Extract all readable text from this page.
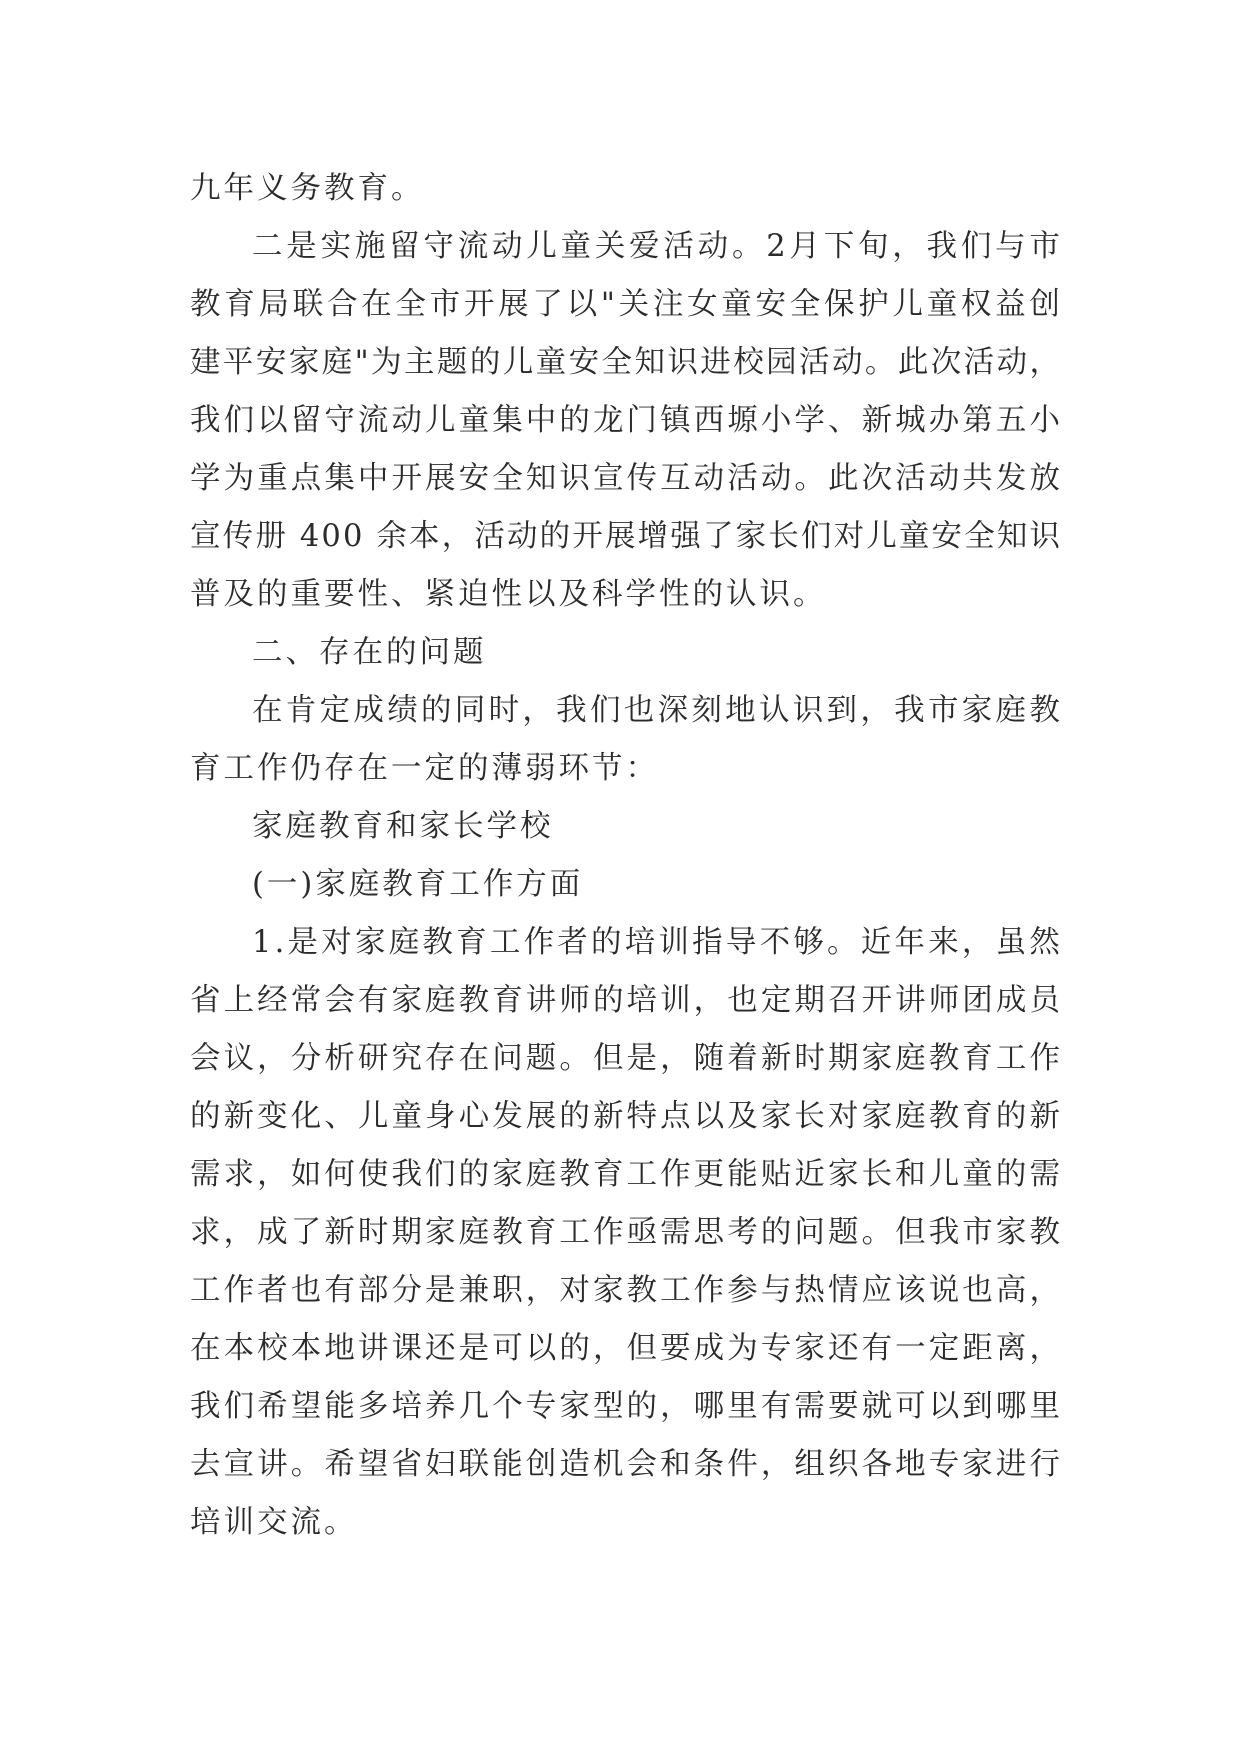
九年义务教育。

二 是 实 施 留 守 流 动 儿 童 关 爱 活 动 。 2 月 下 旬 ， 我 们 与 市

教 育 局 联 合 在 全 市 开 展 了 以 " 关 注 女 童 安 全 保 护 儿 童 权 益 创

建 平 安 家 庭 " 为 主 题 的 儿 童 安 全 知 识 进 校 园 活 动 。 此 次 活 动 ，

我 们 以 留 守 流 动 儿 童 集 中 的 龙 门 镇 西 塬 小 学 、 新 城 办 第 五 小

学 为 重 点 集 中 开 展 安 全 知 识 宣 传 互 动 活 动 。 此 次 活 动 共 发 放

宣 传 册
4 0 0
余 本 ， 活 动 的 开 展 增 强 了 家 长 们 对 儿 童 安 全 知 识

普及的重要性、紧迫性以及科学性的认识。

二、存在的问题

在 肯 定 成 绩 的 同 时 ， 我 们 也 深 刻 地 认 识 到 ， 我 市 家 庭 教

育工作仍存在一定的薄弱环节：

家庭教育和家长学校

(一)家庭教育工作方面

1 . 是 对 家 庭 教 育 工 作 者 的 培 训 指 导 不 够 。 近 年 来 ， 虽 然

省 上 经 常 会 有 家 庭 教 育 讲 师 的 培 训 ， 也 定 期 召 开 讲 师 团 成 员

会 议 ， 分 析 研 究 存 在 问 题 。 但 是 ， 随 着 新 时 期 家 庭 教 育 工 作

的 新 变 化 、 儿 童 身 心 发 展 的 新 特 点 以 及 家 长 对 家 庭 教 育 的 新

需 求 ， 如 何 使 我 们 的 家 庭 教 育 工 作 更 能 贴 近 家 长 和 儿 童 的 需

求 ， 成 了 新 时 期 家 庭 教 育 工 作 亟 需 思 考 的 问 题 。 但 我 市 家 教

工 作 者 也 有 部 分 是 兼 职 ， 对 家 教 工 作 参 与 热 情 应 该 说 也 高 ，

在 本 校 本 地 讲 课 还 是 可 以 的 ， 但 要 成 为 专 家 还 有 一 定 距 离 ，

我 们 希 望 能 多 培 养 几 个 专 家 型 的 ， 哪 里 有 需 要 就 可 以 到 哪 里

去 宣 讲 。 希 望 省 妇 联 能 创 造 机 会 和 条 件 ， 组 织 各 地 专 家 进 行

培训交流。
